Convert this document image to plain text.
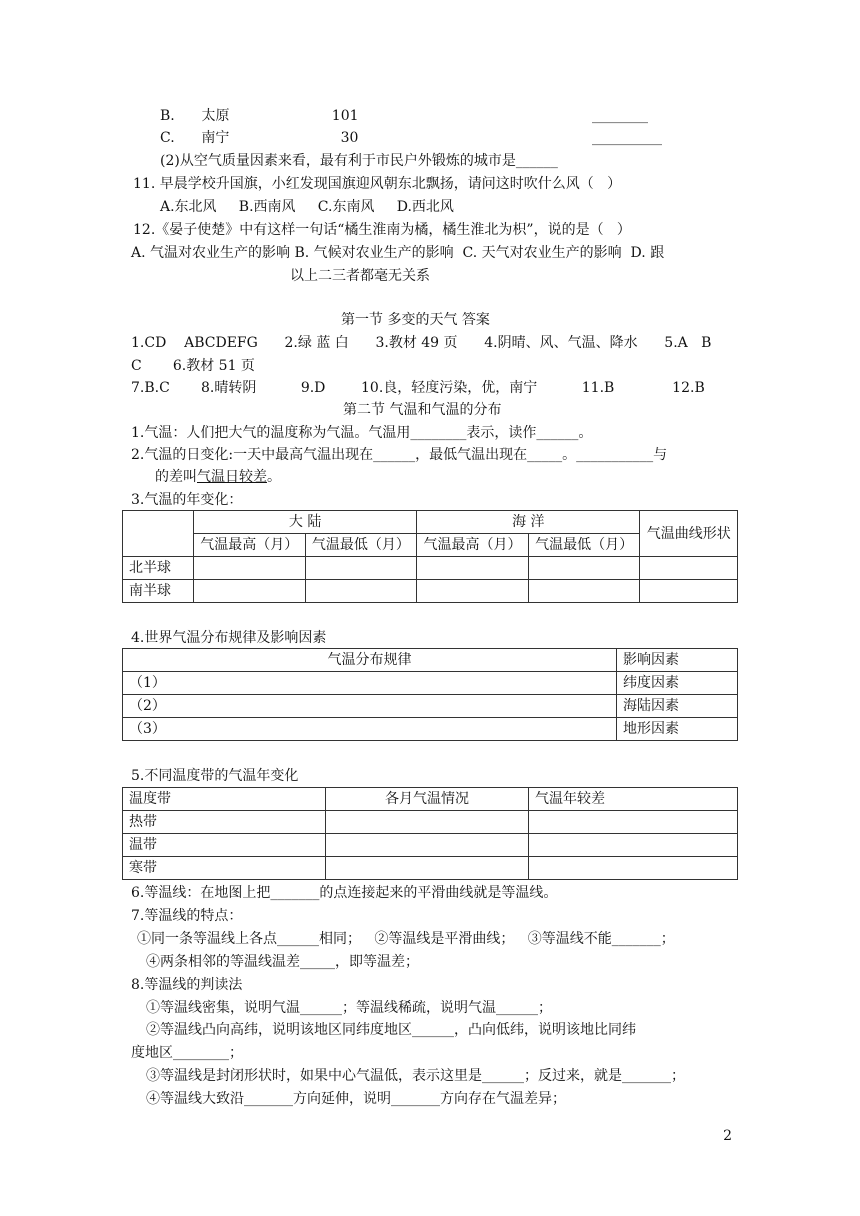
B.      太原                       101	________
C.      南宁                         30	__________
(2)从空气质量因素来看，最有利于市民户外锻炼的城市是______
11. 早晨学校升国旗，小红发现国旗迎风朝东北飘扬，请问这时吹什么风（   ）
A.东北风     B.西南风     C.东南风     D.西北风
12.《晏子使楚》中有这样一句话“橘生淮南为橘，橘生淮北为枳”，说的是（   ）
A. 气温对农业生产的影响 B. 气候对农业生产的影响  C. 天气对农业生产的影响  D. 跟
以上二三者都毫无关系
第一节 多变的天气 答案
1.CD    ABCDEFG      2.绿 蓝 白      3.教材 49 页      4.阴晴、风、气温、降水      5.A   B
C       6.教材 51 页
7.B.C       8.晴转阴          9.D        10.良，轻度污染，优，南宁          11.B             12.B
第二节 气温和气温的分布
1.气温：人们把大气的温度称为气温。气温用________表示，读作______。
2.气温的日变化:一天中最高气温出现在______，最低气温出现在_____。___________与
的差叫气温日较差。
3.气温的年变化：
	大 陆		海 洋		气温曲线形状
	气温最高（月）	气温最低（月）	气温最高（月）	气温最低（月）	
北半球					
南半球					
4.世界气温分布规律及影响因素
气温分布规律	影响因素
（1）	纬度因素
（2）	海陆因素
（3）	地形因素
5.不同温度带的气温年变化
温度带	各月气温情况	气温年较差
热带		
温带		
寒带		
6.等温线：在地图上把_______的点连接起来的平滑曲线就是等温线。
7.等温线的特点：
①同一条等温线上各点______相同；   ②等温线是平滑曲线；   ③等温线不能_______；
④两条相邻的等温线温差_____，即等温差；
8.等温线的判读法
①等温线密集，说明气温______；等温线稀疏，说明气温______；
②等温线凸向高纬，说明该地区同纬度地区______，凸向低纬，说明该地比同纬
度地区________；
③等温线是封闭形状时，如果中心气温低，表示这里是______；反过来，就是_______；
④等温线大致沿_______方向延伸，说明_______方向存在气温差异；
2
